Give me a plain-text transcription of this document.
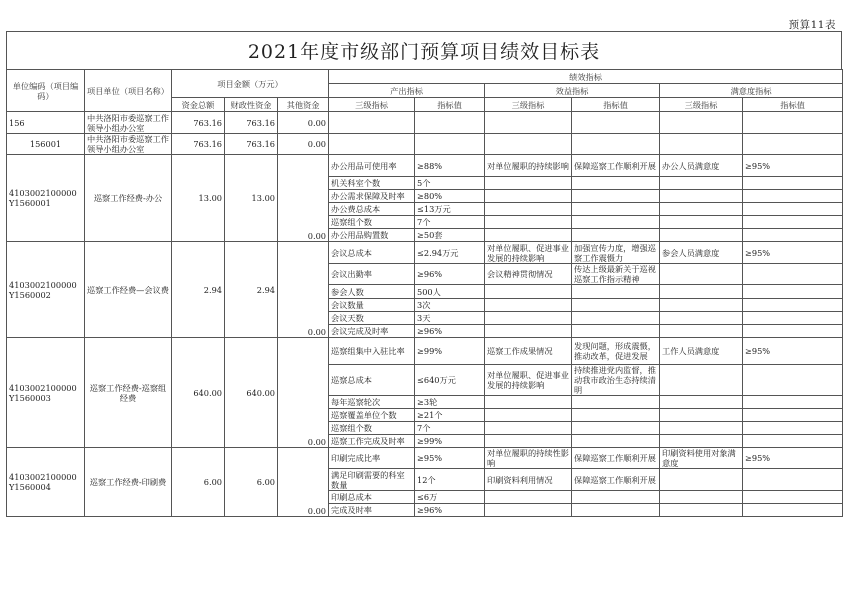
预算11表
2021年度市级部门预算项目绩效目标表
单位编码（项目编码）	项目单位（项目名称）	项目金额（万元）			绩效指标					
					产出指标		效益指标		满意度指标	
		资金总额	财政性资金	其他资金	三级指标	指标值	三级指标	指标值	三级指标	指标值
156	中共洛阳市委巡察工作领导小组办公室	763.16	763.16	0.00						
156001	中共洛阳市委巡察工作领导小组办公室	763.16	763.16	0.00						
4103002100000Y1560001	巡察工作经费-办公	13.00	13.00	0.00	办公用品可使用率	≥88%	对单位履职的持续影响	保障巡察工作顺利开展	办公人员满意度	≥95%
					机关科室个数	5个				
					办公需求保障及时率	≥80%				
					办公费总成本	≤13万元				
					巡察组个数	7个				
					办公用品购置数	≥50套				
4103002100000Y1560002	巡察工作经费—会议费	2.94	2.94	0.00	会议总成本	≤2.94万元	对单位履职、促进事业发展的持续影响	加强宣传力度，增强巡察工作震慑力	参会人员满意度	≥95%
					会议出勤率	≥96%	会议精神贯彻情况	传达上级最新关于巡视巡察工作指示精神		
					参会人数	500人				
					会议数量	3次				
					会议天数	3天				
					会议完成及时率	≥96%				
4103002100000Y1560003	巡察工作经费-巡察组经费	640.00	640.00	0.00	巡察组集中入驻比率	≥99%	巡察工作成果情况	发现问题，形成震慑，推动改革，促进发展	工作人员满意度	≥95%
					巡察总成本	≤640万元	对单位履职、促进事业发展的持续影响	持续推进党内监督，推动我市政治生态持续清明		
					每年巡察轮次	≥3轮				
					巡察覆盖单位个数	≥21个				
					巡察组个数	7个				
					巡察工作完成及时率	≥99%				
4103002100000Y1560004	巡察工作经费-印刷费	6.00	6.00	0.00	印刷完成比率	≥95%	对单位履职的持续性影响	保障巡察工作顺利开展	印刷资料使用对象满意度	≥95%
					满足印刷需要的科室数量	12个	印刷资料利用情况	保障巡察工作顺利开展		
					印刷总成本	≤6万				
					完成及时率	≥96%				
